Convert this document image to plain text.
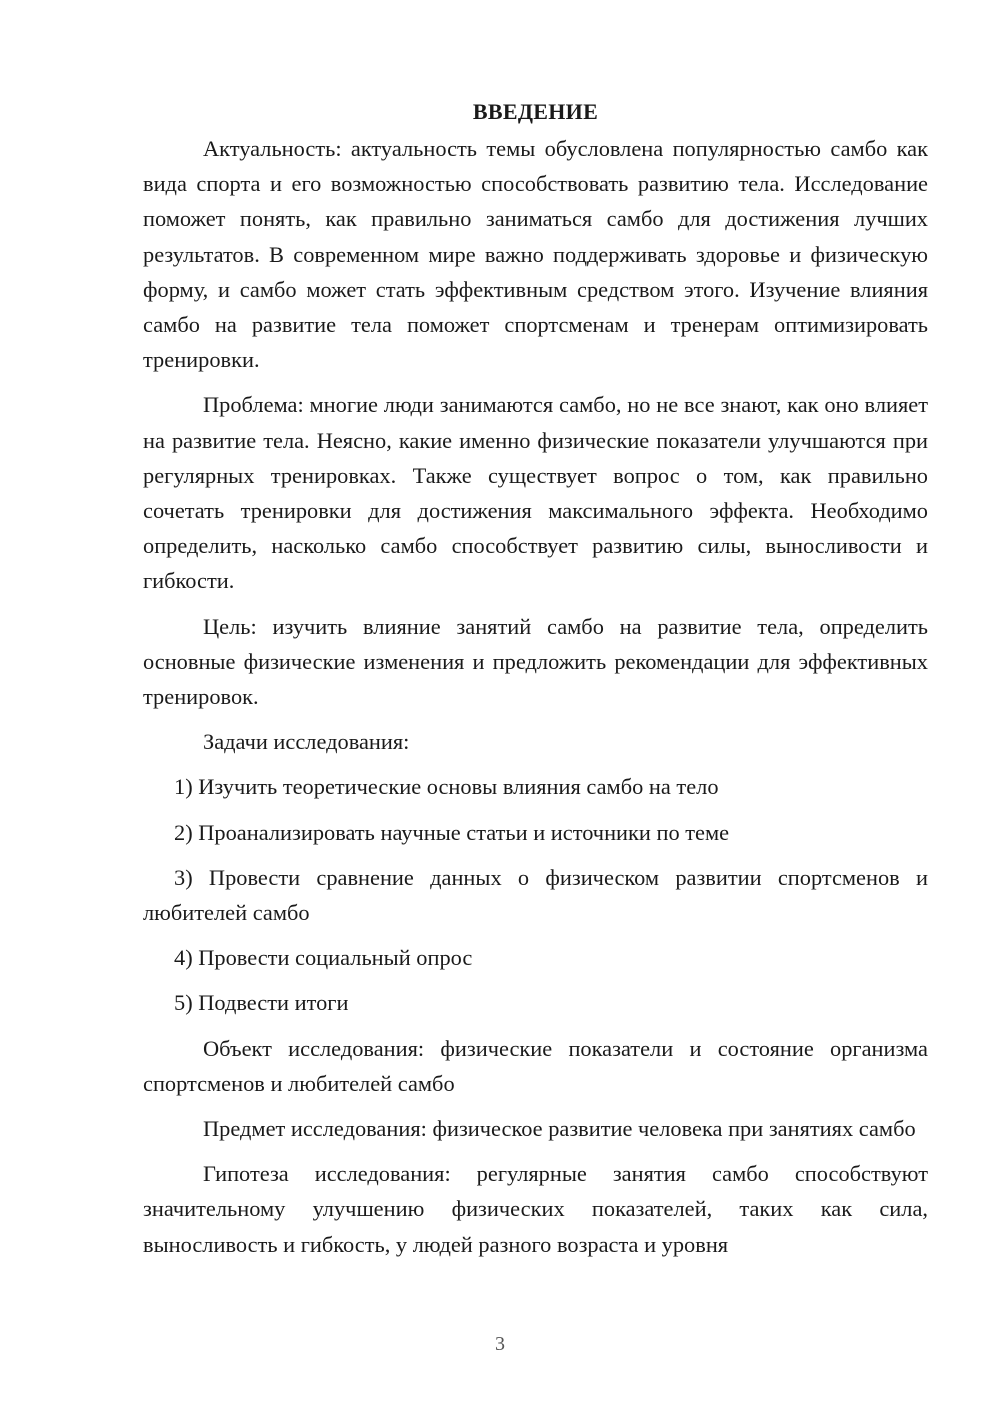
ВВЕДЕНИЕ

Актуальность: актуальность темы обусловлена популярностью самбо как вида спорта и его возможностью способствовать развитию тела. Исследование поможет понять, как правильно заниматься самбо для достижения лучших результатов. В современном мире важно поддерживать здоровье и физическую форму, и самбо может стать эффективным средством этого. Изучение влияния самбо на развитие тела поможет спортсменам и тренерам оптимизировать тренировки.

Проблема: многие люди занимаются самбо, но не все знают, как оно влияет на развитие тела. Неясно, какие именно физические показатели улучшаются при регулярных тренировках. Также существует вопрос о том, как правильно сочетать тренировки для достижения максимального эффекта. Необходимо определить, насколько самбо способствует развитию силы, выносливости и гибкости.

Цель: изучить влияние занятий самбо на развитие тела, определить основные физические изменения и предложить рекомендации для эффективных тренировок.

Задачи исследования:

1) Изучить теоретические основы влияния самбо на тело

2) Проанализировать научные статьи и источники по теме

3) Провести сравнение данных о физическом развитии спортсменов и любителей самбо

4) Провести социальный опрос

5) Подвести итоги

Объект исследования: физические показатели и состояние организма спортсменов и любителей самбо

Предмет исследования: физическое развитие человека при занятиях самбо

Гипотеза исследования: регулярные занятия самбо способствуют значительному улучшению физических показателей, таких как сила, выносливость и гибкость, у людей разного возраста и уровня

3
